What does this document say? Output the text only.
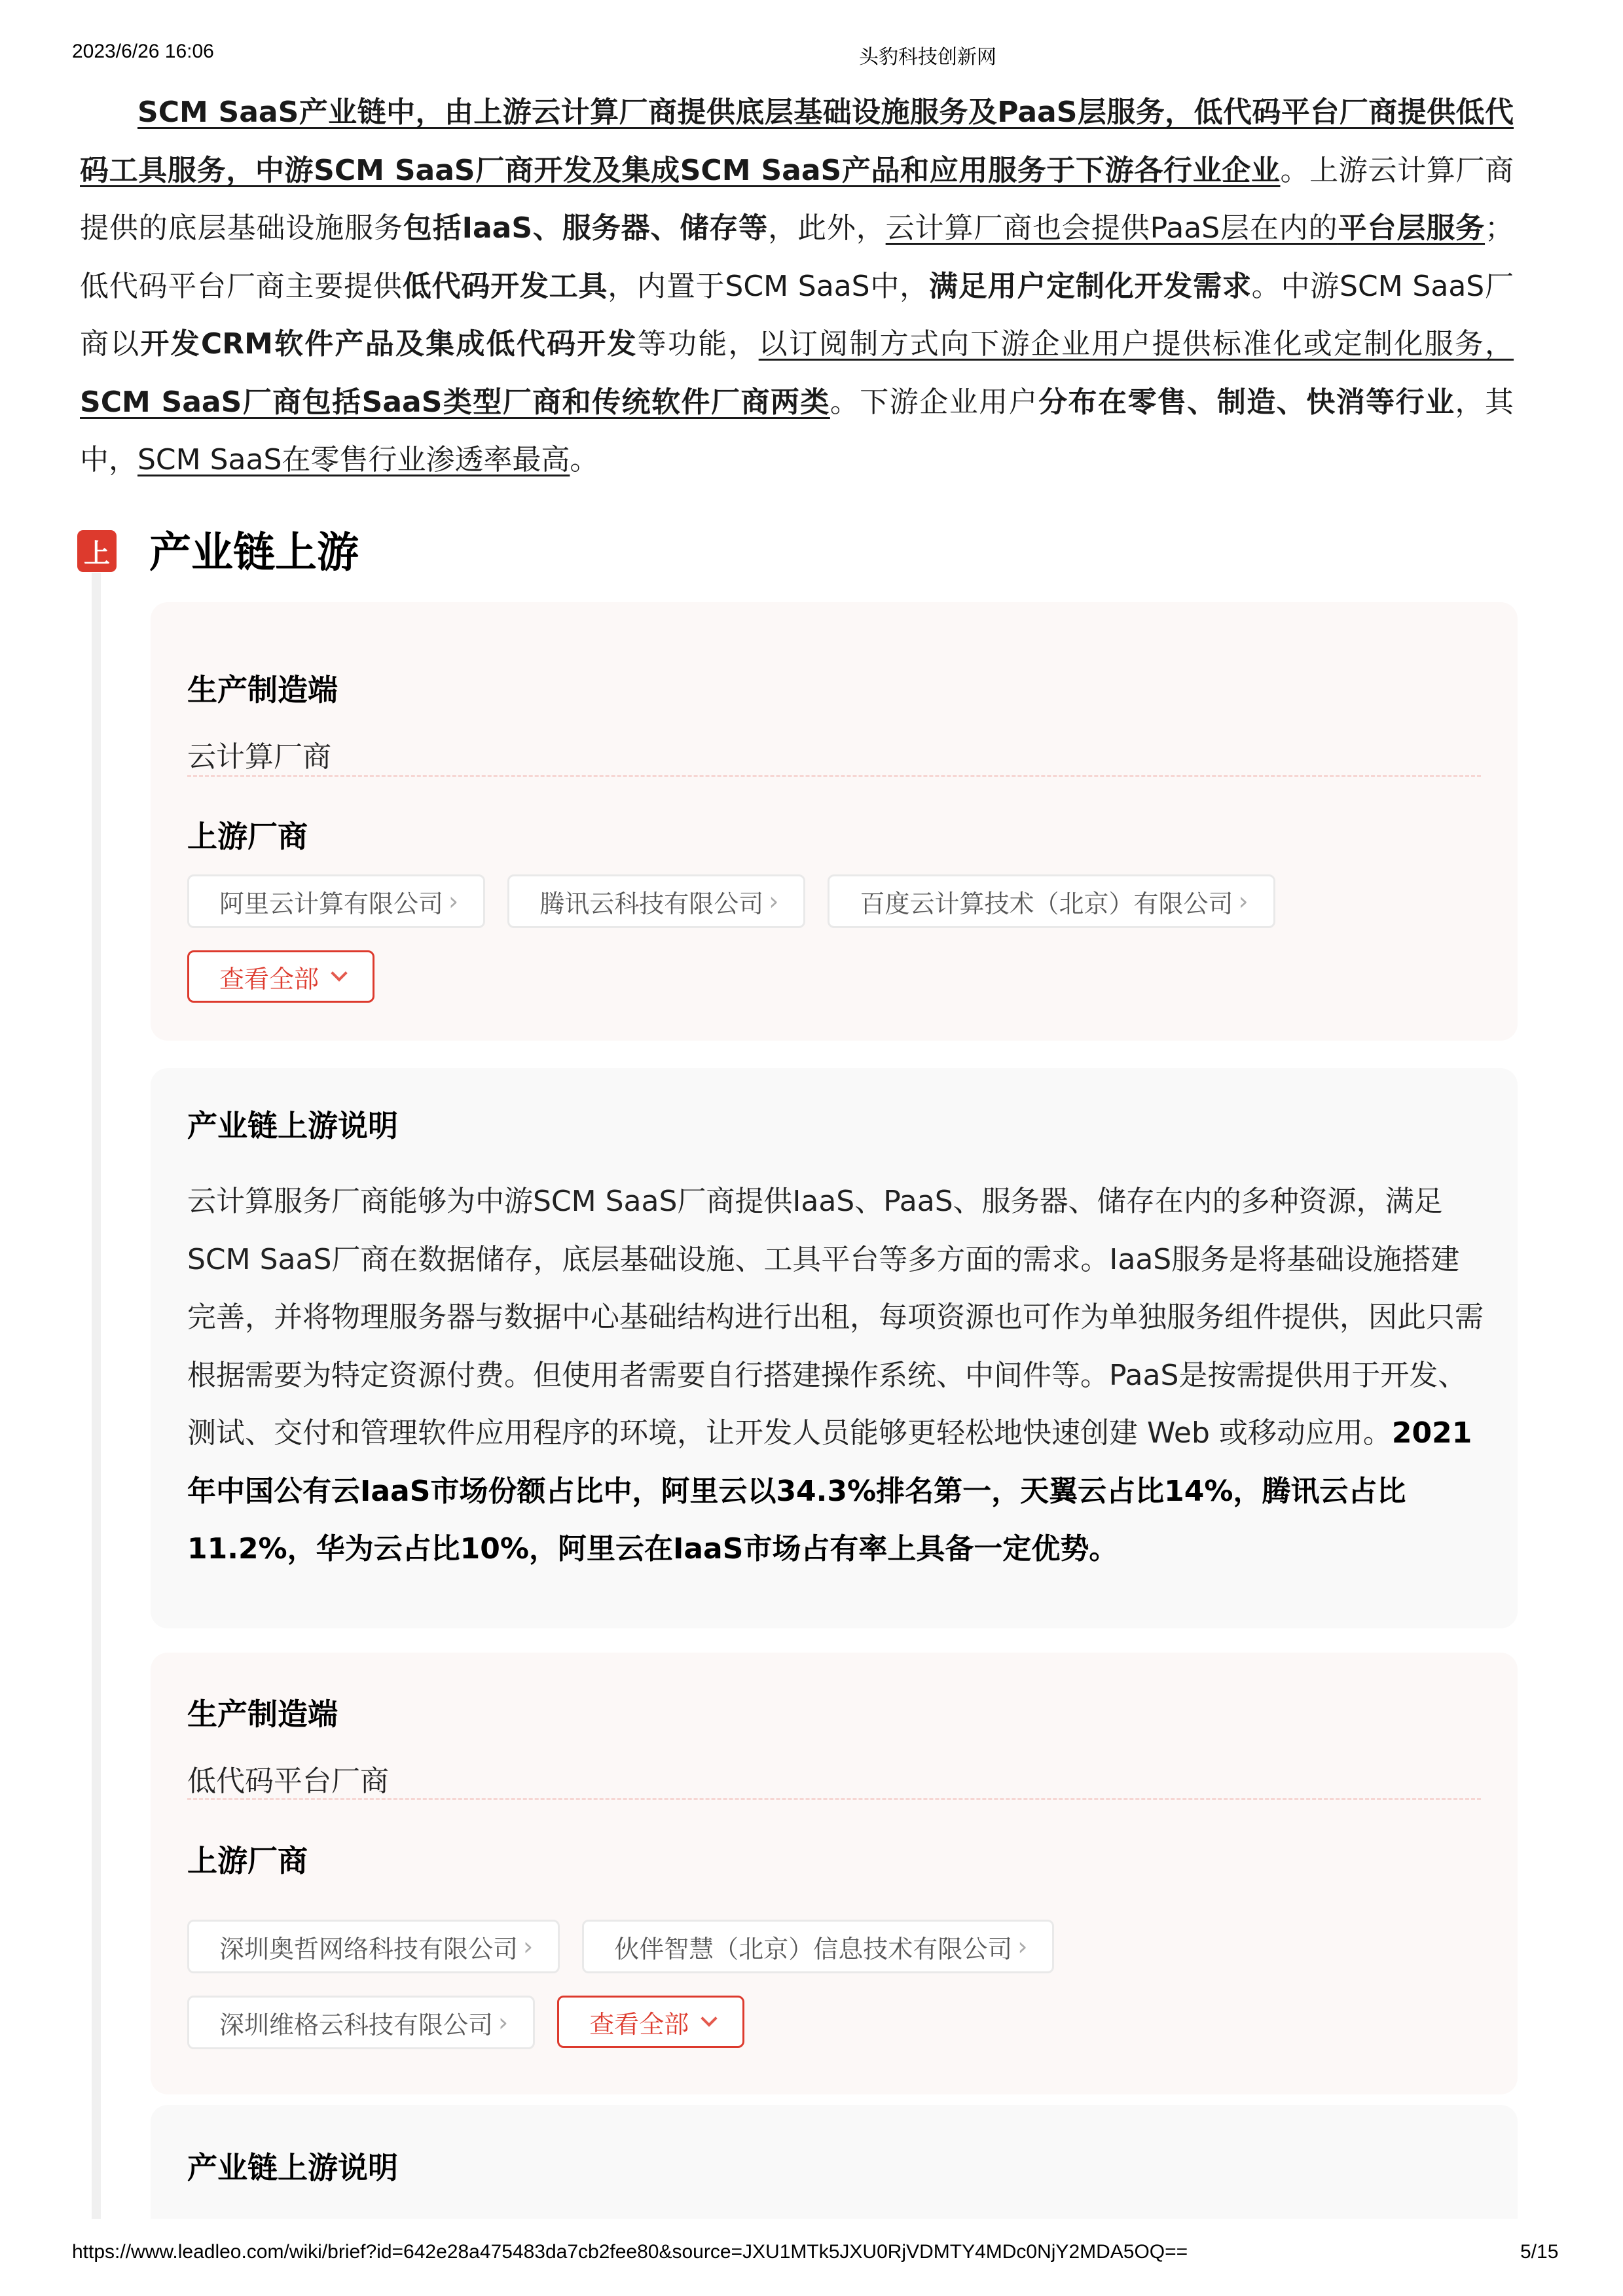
2023/6/26 16:06	头豹科技创新网
SCM SaaS产业链中，由上游云计算厂商提供底层基础设施服务及PaaS层服务，低代码平台厂商提供低代码工具服务，中游SCM SaaS厂商开发及集成SCM SaaS产品和应用服务于下游各行业企业。上游云计算厂商提供的底层基础设施服务包括IaaS、服务器、储存等，此外，云计算厂商也会提供PaaS层在内的平台层服务；低代码平台厂商主要提供低代码开发工具，内置于SCM SaaS中，满足用户定制化开发需求。中游SCM SaaS厂商以开发CRM软件产品及集成低代码开发等功能，以订阅制方式向下游企业用户提供标准化或定制化服务，SCM SaaS厂商包括SaaS类型厂商和传统软件厂商两类。下游企业用户分布在零售、制造、快消等行业，其中，SCM SaaS在零售行业渗透率最高。
上 产业链上游
生产制造端
云计算厂商
上游厂商
阿里云计算有限公司 ›	腾讯云科技有限公司 ›	百度云计算技术（北京）有限公司 ›
查看全部
产业链上游说明
云计算服务厂商能够为中游SCM SaaS厂商提供IaaS、PaaS、服务器、储存在内的多种资源，满足SCM SaaS厂商在数据储存，底层基础设施、工具平台等多方面的需求。IaaS服务是将基础设施搭建完善，并将物理服务器与数据中心基础结构进行出租，每项资源也可作为单独服务组件提供，因此只需根据需要为特定资源付费。但使用者需要自行搭建操作系统、中间件等。PaaS是按需提供用于开发、测试、交付和管理软件应用程序的环境，让开发人员能够更轻松地快速创建 Web 或移动应用。2021年中国公有云IaaS市场份额占比中，阿里云以34.3%排名第一，天翼云占比14%，腾讯云占比11.2%，华为云占比10%，阿里云在IaaS市场占有率上具备一定优势。
生产制造端
低代码平台厂商
上游厂商
深圳奥哲网络科技有限公司 ›	伙伴智慧（北京）信息技术有限公司 ›
深圳维格云科技有限公司 ›	查看全部
产业链上游说明
https://www.leadleo.com/wiki/brief?id=642e28a475483da7cb2fee80&source=JXU1MTk5JXU0RjVDMTY4MDc0NjY2MDA5OQ==	5/15
